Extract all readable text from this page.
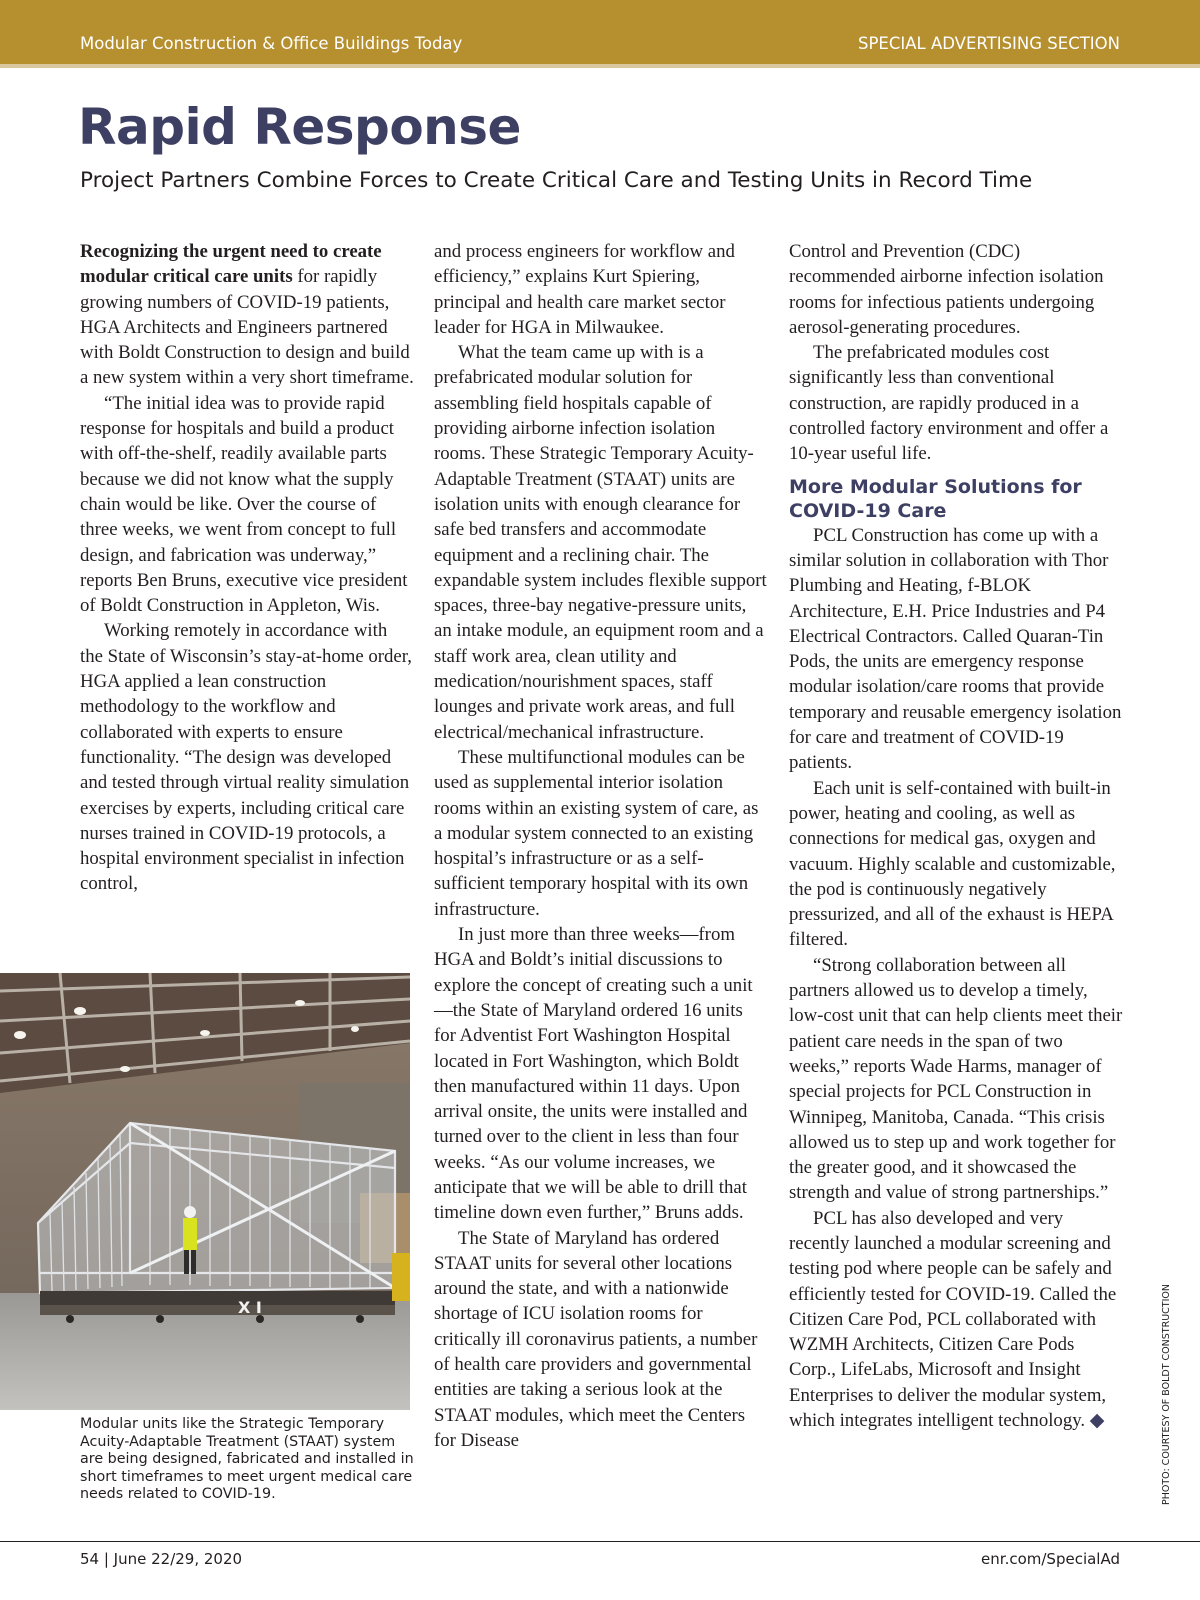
Modular Construction & Office Buildings Today	SPECIAL ADVERTISING SECTION
Rapid Response
Project Partners Combine Forces to Create Critical Care and Testing Units in Record Time

Recognizing the urgent need to create modular critical care units for rapidly growing numbers of COVID-19 patients, HGA Architects and Engineers partnered with Boldt Construction to design and build a new system within a very short timeframe.

“The initial idea was to provide rapid response for hospitals and build a product with off-the-shelf, readily available parts because we did not know what the supply chain would be like. Over the course of three weeks, we went from concept to full design, and fabrication was underway,” reports Ben Bruns, executive vice president of Boldt Construction in Appleton, Wis.

Working remotely in accordance with the State of Wisconsin’s stay-at-home order, HGA applied a lean construction methodology to the workflow and collaborated with experts to ensure functionality. “The design was developed and tested through virtual reality simulation exercises by experts, including critical care nurses trained in COVID-19 protocols, a hospital environment specialist in infection control,

and process engineers for workflow and efficiency,” explains Kurt Spiering, principal and health care market sector leader for HGA in Milwaukee.

What the team came up with is a prefabricated modular solution for assembling field hospitals capable of providing airborne infection isolation rooms. These Strategic Temporary Acuity-Adaptable Treatment (STAAT) units are isolation units with enough clearance for safe bed transfers and accommodate equipment and a reclining chair. The expandable system includes flexible support spaces, three-bay negative-pressure units, an intake module, an equipment room and a staff work area, clean utility and medication/nourishment spaces, staff lounges and private work areas, and full electrical/mechanical infrastructure.

These multifunctional modules can be used as supplemental interior isolation rooms within an existing system of care, as a modular system connected to an existing hospital’s infrastructure or as a self-sufficient temporary hospital with its own infrastructure.

In just more than three weeks—from HGA and Boldt’s initial discussions to explore the concept of creating such a unit—the State of Maryland ordered 16 units for Adventist Fort Washington Hospital located in Fort Washington, which Boldt then manufactured within 11 days. Upon arrival onsite, the units were installed and turned over to the client in less than four weeks. “As our volume increases, we anticipate that we will be able to drill that timeline down even further,” Bruns adds.

The State of Maryland has ordered STAAT units for several other locations around the state, and with a nationwide shortage of ICU isolation rooms for critically ill coronavirus patients, a number of health care providers and governmental entities are taking a serious look at the STAAT modules, which meet the Centers for Disease

Control and Prevention (CDC) recommended airborne infection isolation rooms for infectious patients undergoing aerosol-generating procedures.

The prefabricated modules cost significantly less than conventional construction, are rapidly produced in a controlled factory environment and offer a 10-year useful life.

More Modular Solutions for COVID-19 Care

PCL Construction has come up with a similar solution in collaboration with Thor Plumbing and Heating, f-BLOK Architecture, E.H. Price Industries and P4 Electrical Contractors. Called Quaran-Tin Pods, the units are emergency response modular isolation/care rooms that provide temporary and reusable emergency isolation for care and treatment of COVID-19 patients.

Each unit is self-contained with built-in power, heating and cooling, as well as connections for medical gas, oxygen and vacuum. Highly scalable and customizable, the pod is continuously negatively pressurized, and all of the exhaust is HEPA filtered.

“Strong collaboration between all partners allowed us to develop a timely, low-cost unit that can help clients meet their patient care needs in the span of two weeks,” reports Wade Harms, manager of special projects for PCL Construction in Winnipeg, Manitoba, Canada. “This crisis allowed us to step up and work together for the greater good, and it showcased the strength and value of strong partnerships.”

PCL has also developed and very recently launched a modular screening and testing pod where people can be safely and efficiently tested for COVID-19. Called the Citizen Care Pod, PCL collaborated with WZMH Architects, Citizen Care Pods Corp., LifeLabs, Microsoft and Insight Enterprises to deliver the modular system, which integrates intelligent technology. ◆

X I

Modular units like the Strategic Temporary Acuity-Adaptable Treatment (STAAT) system are being designed, fabricated and installed in short timeframes to meet urgent medical care needs related to COVID-19.	PHOTO: COURTESY OF BOLDT CONSTRUCTION
54 | June 22/29, 2020	enr.com/SpecialAd
